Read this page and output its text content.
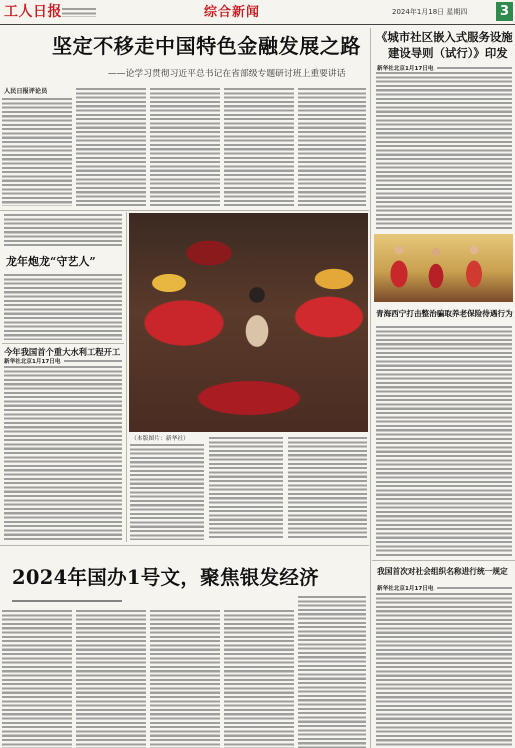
工人日报	综合新闻	2024年1月18日 星期四	3
坚定不移走中国特色金融发展之路
——论学习贯彻习近平总书记在省部级专题研讨班上重要讲话
人民日报评论员
《城市社区嵌入式服务设施
建设导则（试行）》印发
新华社北京1月17日电
青海西宁打击整治骗取养老保险待遇行为
我国首次对社会组织名称进行统一规定
新华社北京1月17日电
龙年炮龙“守艺人”
今年我国首个重大水利工程开工
新华社北京1月17日电
（本版图片：新华社）
2024年国办1号文，聚焦银发经济
